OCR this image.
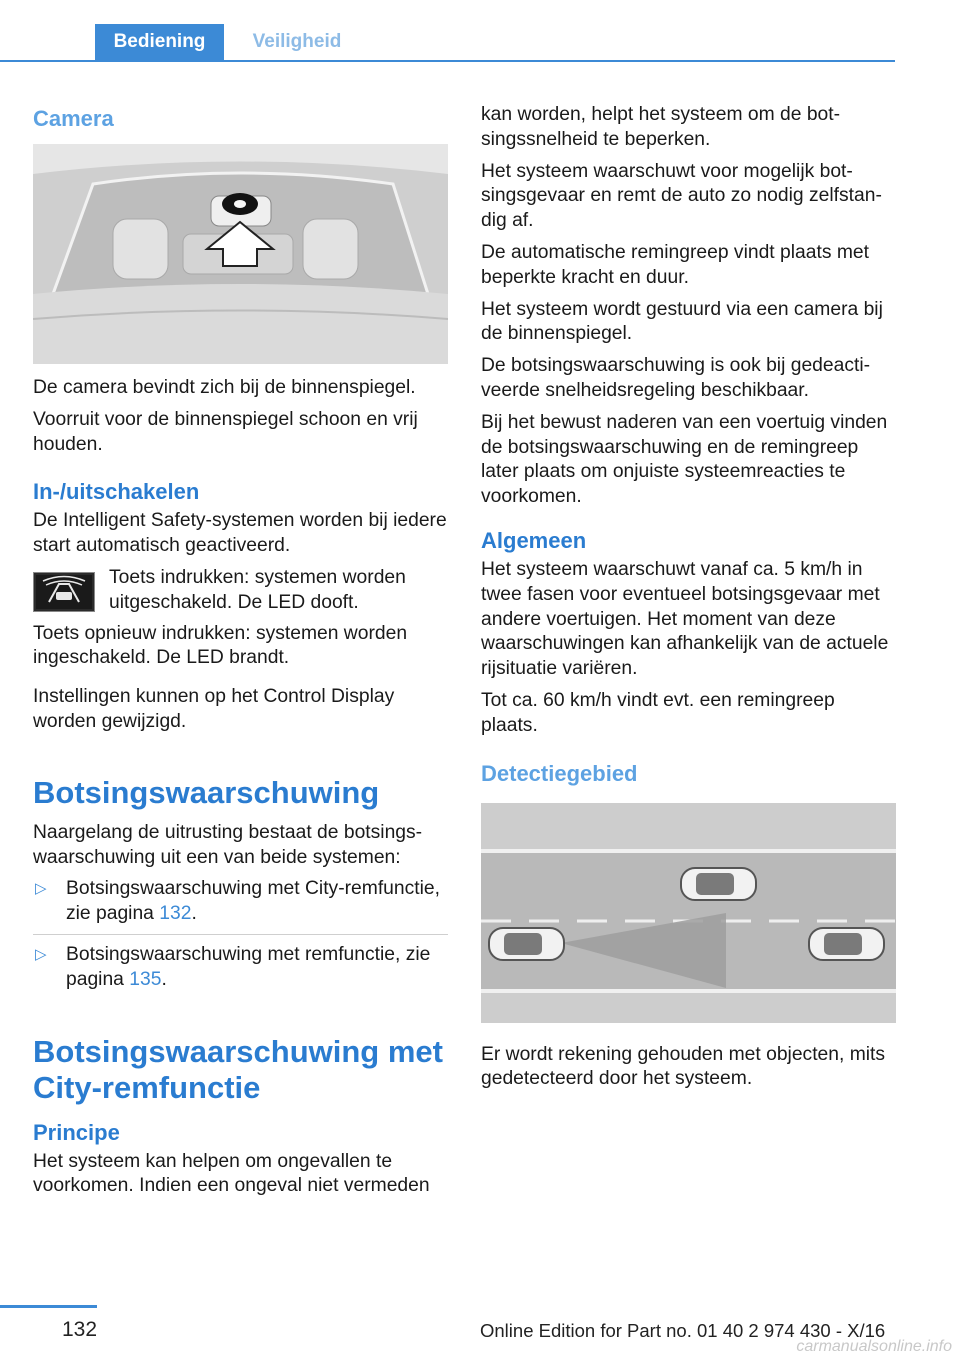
Bediening	Veiligheid
Camera

De camera bevindt zich bij de binnenspiegel.

Voorruit voor de binnenspiegel schoon en vrij houden.

In-/uitschakelen

De Intelligent Safety-systemen worden bij iedere start automatisch geactiveerd.

Toets indrukken: systemen worden uitgeschakeld. De LED dooft.

Toets opnieuw indrukken: systemen worden ingeschakeld. De LED brandt.

Instellingen kunnen op het Control Display worden gewijzigd.

Botsingswaarschuwing

Naargelang de uitrusting bestaat de botsingswaarschuwing uit een van beide systemen:

▷ Botsingswaarschuwing met City-remfunctie, zie pagina 132.
▷ Botsingswaarschuwing met remfunctie, zie pagina 135.
Botsingswaarschuwing met City-remfunctie
Principe

Het systeem kan helpen om ongevallen te voorkomen. Indien een ongeval niet vermeden

kan worden, helpt het systeem om de botsingssnelheid te beperken.

Het systeem waarschuwt voor mogelijk botsingsgevaar en remt de auto zo nodig zelfstandig af.

De automatische remingreep vindt plaats met beperkte kracht en duur.

Het systeem wordt gestuurd via een camera bij de binnenspiegel.

De botsingswaarschuwing is ook bij gedeactiveerde snelheidsregeling beschikbaar.

Bij het bewust naderen van een voertuig vinden de botsingswaarschuwing en de remingreep later plaats om onjuiste systeemreacties te voorkomen.

Algemeen

Het systeem waarschuwt vanaf ca. 5 km/h in twee fasen voor eventueel botsingsgevaar met andere voertuigen. Het moment van deze waarschuwingen kan afhankelijk van de actuele rijsituatie variëren.

Tot ca. 60 km/h vindt evt. een remingreep plaats.

Detectiegebied

Er wordt rekening gehouden met objecten, mits gedetecteerd door het systeem.

132	Online Edition for Part no. 01 40 2 974 430 - X/16
carmanualsonline.info
